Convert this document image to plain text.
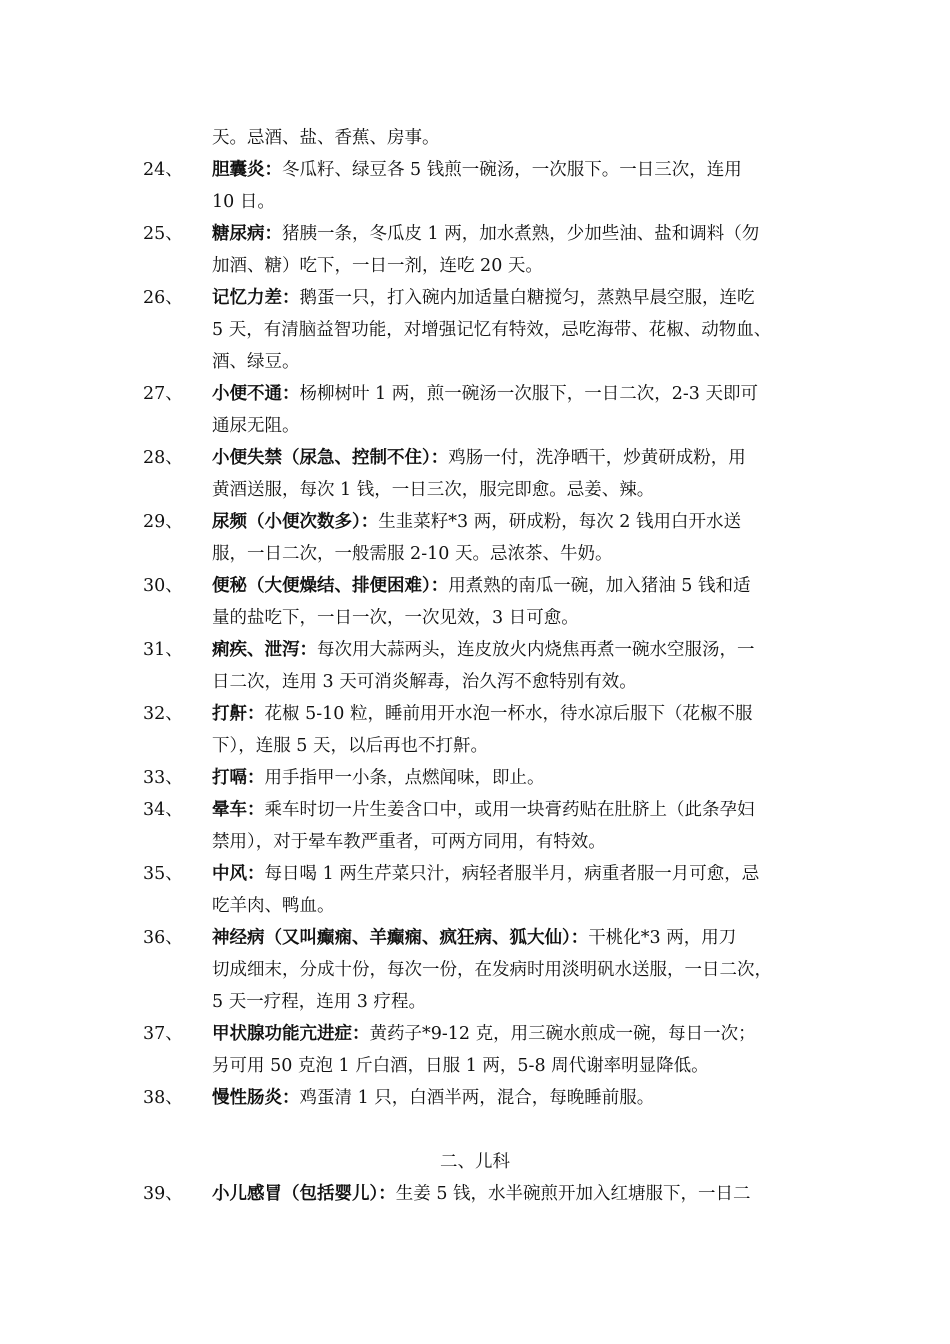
天。忌酒、盐、香蕉、房事。
24、	胆囊炎：冬瓜籽、绿豆各 5 钱煎一碗汤，一次服下。一日三次，连用
10 日。
25、	糖尿病：猪胰一条，冬瓜皮 1 两，加水煮熟，少加些油、盐和调料（勿
加酒、糖）吃下，一日一剂，连吃 20 天。
26、	记忆力差：鹅蛋一只，打入碗内加适量白糖搅匀，蒸熟早晨空服，连吃
5 天，有清脑益智功能，对增强记忆有特效，忌吃海带、花椒、动物血、
酒、绿豆。
27、	小便不通：杨柳树叶 1 两，煎一碗汤一次服下，一日二次，2-3 天即可
通尿无阻。
28、	小便失禁（尿急、控制不住）：鸡肠一付，洗净晒干，炒黄研成粉，用
黄酒送服，每次 1 钱，一日三次，服完即愈。忌姜、辣。
29、	尿频（小便次数多）：生韭菜籽*3 两，研成粉，每次 2 钱用白开水送
服，一日二次，一般需服 2-10 天。忌浓茶、牛奶。
30、	便秘（大便燥结、排便困难）：用煮熟的南瓜一碗，加入猪油 5 钱和适
量的盐吃下，一日一次，一次见效，3 日可愈。
31、	痢疾、泄泻：每次用大蒜两头，连皮放火内烧焦再煮一碗水空服汤，一
日二次，连用 3 天可消炎解毒，治久泻不愈特别有效。
32、	打鼾：花椒 5-10 粒，睡前用开水泡一杯水，待水凉后服下（花椒不服
下），连服 5 天，以后再也不打鼾。
33、	打嗝：用手指甲一小条，点燃闻味，即止。
34、	晕车：乘车时切一片生姜含口中，或用一块膏药贴在肚脐上（此条孕妇
禁用），对于晕车教严重者，可两方同用，有特效。
35、	中风：每日喝 1 两生芹菜只汁，病轻者服半月，病重者服一月可愈，忌
吃羊肉、鸭血。
36、	神经病（又叫癫痫、羊癫痫、疯狂病、狐大仙）：干桃化*3 两，用刀
切成细末，分成十份，每次一份，在发病时用淡明矾水送服，一日二次，
5 天一疗程，连用 3 疗程。
37、	甲状腺功能亢进症：黄药子*9-12 克，用三碗水煎成一碗，每日一次；
另可用 50 克泡 1 斤白酒，日服 1 两，5-8 周代谢率明显降低。
38、	慢性肠炎：鸡蛋清 1 只，白酒半两，混合，每晚睡前服。
二、儿科
39、	小儿感冒（包括婴儿）：生姜 5 钱，水半碗煎开加入红塘服下，一日二
